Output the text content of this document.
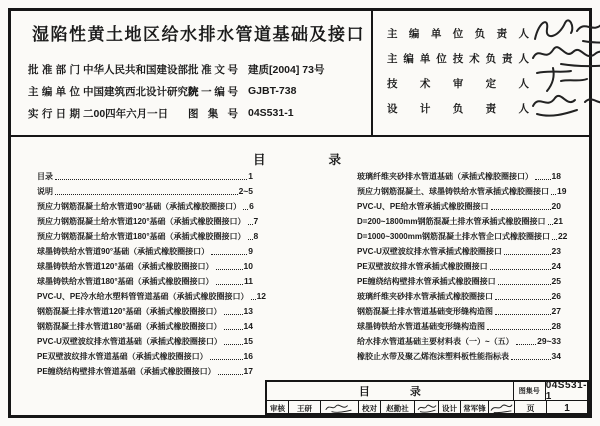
湿陷性黄土地区给水排水管道基础及接口
批准部门 中华人民共和国建设部 批准文号 建质[2004] 73号
主编单位 中国建筑西北设计研究院
统一编号 GJBT-738
实行日期 二00四年六月一日	图集号 04S531-1
主编单位负责人
主编单位技术负责人
技术审定人
设计负责人
目录
目录	1
说明	2~5
预应力钢筋混凝土给水管道90°基础（承插式橡胶圈接口） 6
预应力钢筋混凝土给水管道120°基础（承插式橡胶圈接口） 7
预应力钢筋混凝土给水管道180°基础（承插式橡胶圈接口） 8
球墨铸铁给水管道90°基础（承插式橡胶圈接口）	9
球墨铸铁给水管道120°基础（承插式橡胶圈接口）	10
球墨铸铁给水管道180°基础（承插式橡胶圈接口）	11
PVC-U、PE冷水给水塑料管管道基础（承插式橡胶圈接口） 12
钢筋混凝土排水管道120°基础（承插式橡胶圈接口）	13
钢筋混凝土排水管道180°基础（承插式橡胶圈接口）	14
PVC-U双壁波纹排水管道基础（承插式橡胶圈接口）	15
PE双壁波纹排水管道基础（承插式橡胶圈接口）	16
PE缠绕结构壁排水管道基础（承插式橡胶圈接口）	17
玻璃纤维夹砂排水管道基础（承插式橡胶圈接口） 18
预应力钢筋混凝土、球墨铸铁给水管承插式橡胶圈接口 19
PVC-U、PE给水管承插式橡胶圈接口	20
D=200~1800mm钢筋混凝土排水管承插式橡胶圈接口 21
D=1000~3000mm钢筋混凝土排水管企口式橡胶圈接口 22
PVC-U双壁波纹排水管承插式橡胶圈接口	23
PE双壁波纹排水管承插式橡胶圈接口	24
PE缠绕结构壁排水管承插式橡胶圈接口	25
玻璃纤维夹砂排水管承插式橡胶圈接口	26
钢筋混凝土排水管道基础变形缝构造图	27
球墨铸铁给水管道基础变形缝构造图	28
给水排水管道基础主要材料表（一）~（五）	29~33
橡胶止水带及聚乙烯泡沫塑料板性能指标表	34
目录	图集号
04S531-1
审核	王研	校对	赵勤社	设计 常军锋	页	1
